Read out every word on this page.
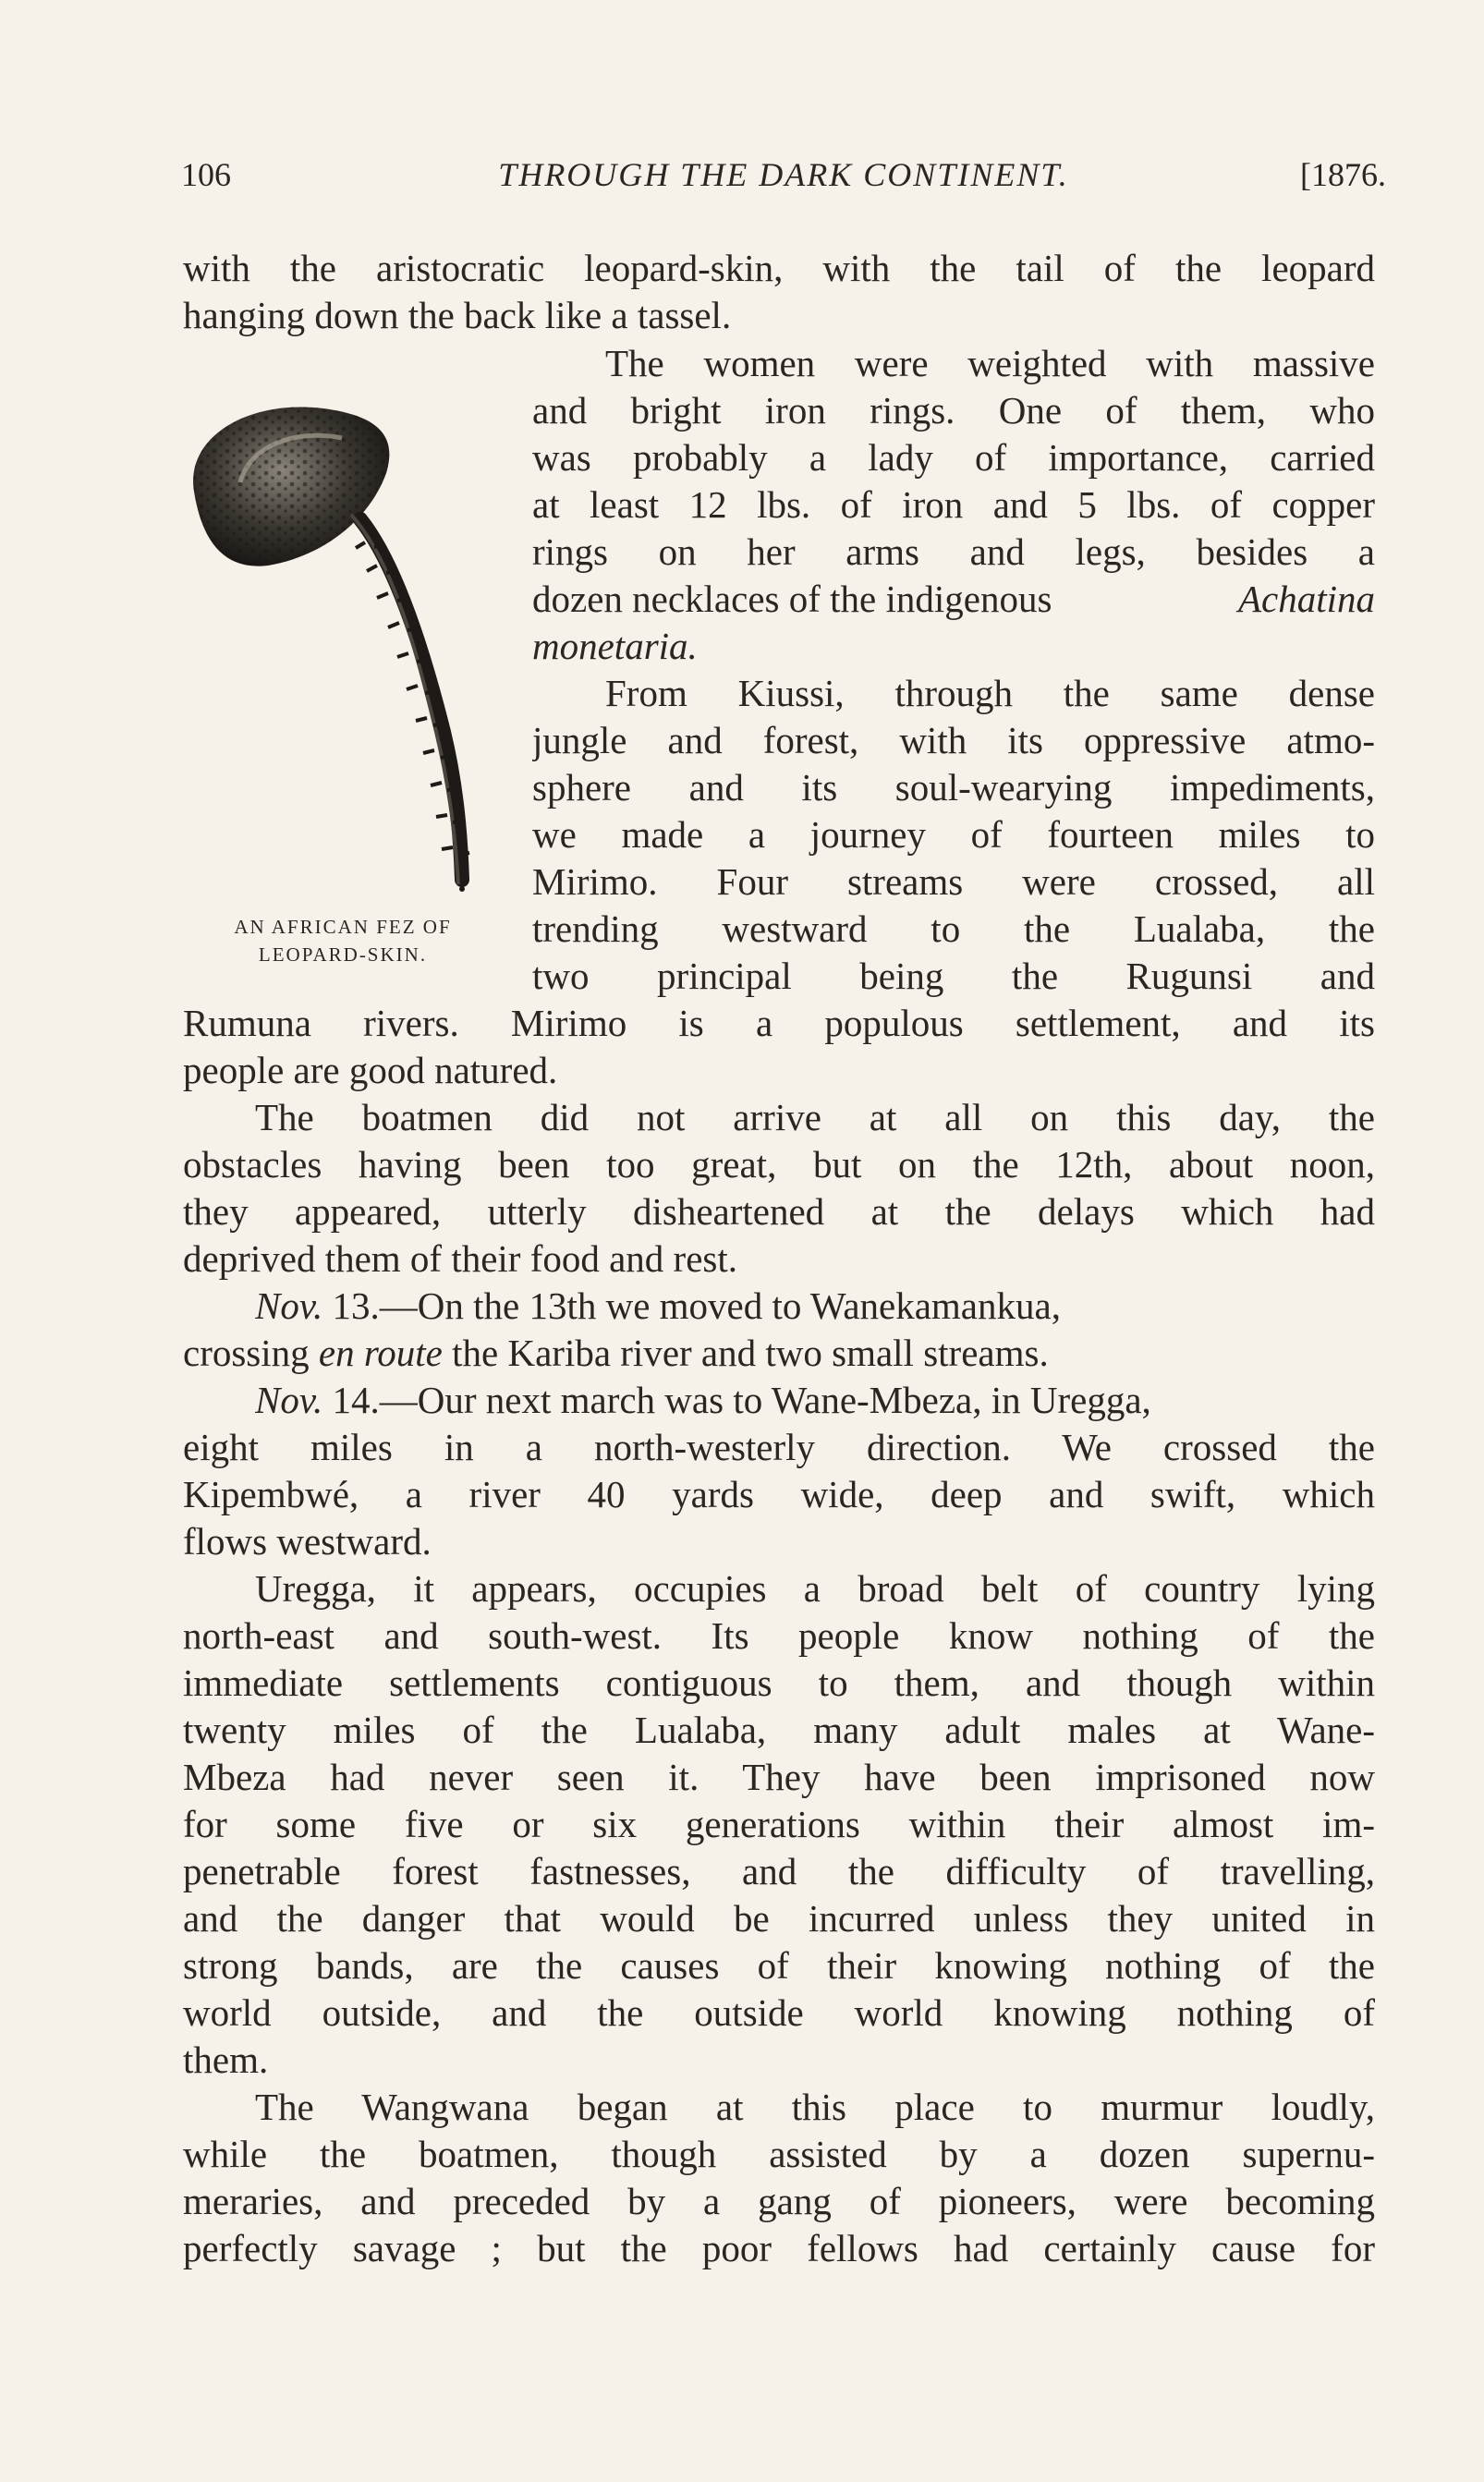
106	THROUGH THE DARK CONTINENT.	[1876.
with the aristocratic leopard-skin, with the tail of the leopard
hanging down the back like a tassel.
The women were weighted with massive
and bright iron rings. One of them, who
was probably a lady of importance, carried
at least 12 lbs. of iron and 5 lbs. of copper
rings on her arms and legs, besides a
dozen necklaces of the indigenous	Achatina
monetaria.
From Kiussi, through the same dense
jungle and forest, with its oppressive atmo-
sphere and its soul-wearying impediments,
we made a journey of fourteen miles to
Mirimo. Four streams were crossed, all
trending westward to the Lualaba, the
two principal being the Rugunsi and
AN AFRICAN FEZ OF
LEOPARD-SKIN.
Rumuna rivers. Mirimo is a populous settlement, and its
people are good natured.
The boatmen did not arrive at all on this day, the
obstacles having been too great, but on the 12th, about noon,
they appeared, utterly disheartened at the delays which had
deprived them of their food and rest.
Nov. 13.—On the 13th we moved to Wanekamankua,
crossing en route the Kariba river and two small streams.
Nov. 14.—Our next march was to Wane-Mbeza, in Uregga,
eight miles in a north-westerly direction. We crossed the
Kipembwé, a river 40 yards wide, deep and swift, which
flows westward.
Uregga, it appears, occupies a broad belt of country lying
north-east and south-west. Its people know nothing of the
immediate settlements contiguous to them, and though within
twenty miles of the Lualaba, many adult males at Wane-
Mbeza had never seen it. They have been imprisoned now
for some five or six generations within their almost im-
penetrable forest fastnesses, and the difficulty of travelling,
and the danger that would be incurred unless they united in
strong bands, are the causes of their knowing nothing of the
world outside, and the outside world knowing nothing of
them.
The Wangwana began at this place to murmur loudly,
while the boatmen, though assisted by a dozen supernu-
meraries, and preceded by a gang of pioneers, were becoming
perfectly savage ; but the poor fellows had certainly cause for
